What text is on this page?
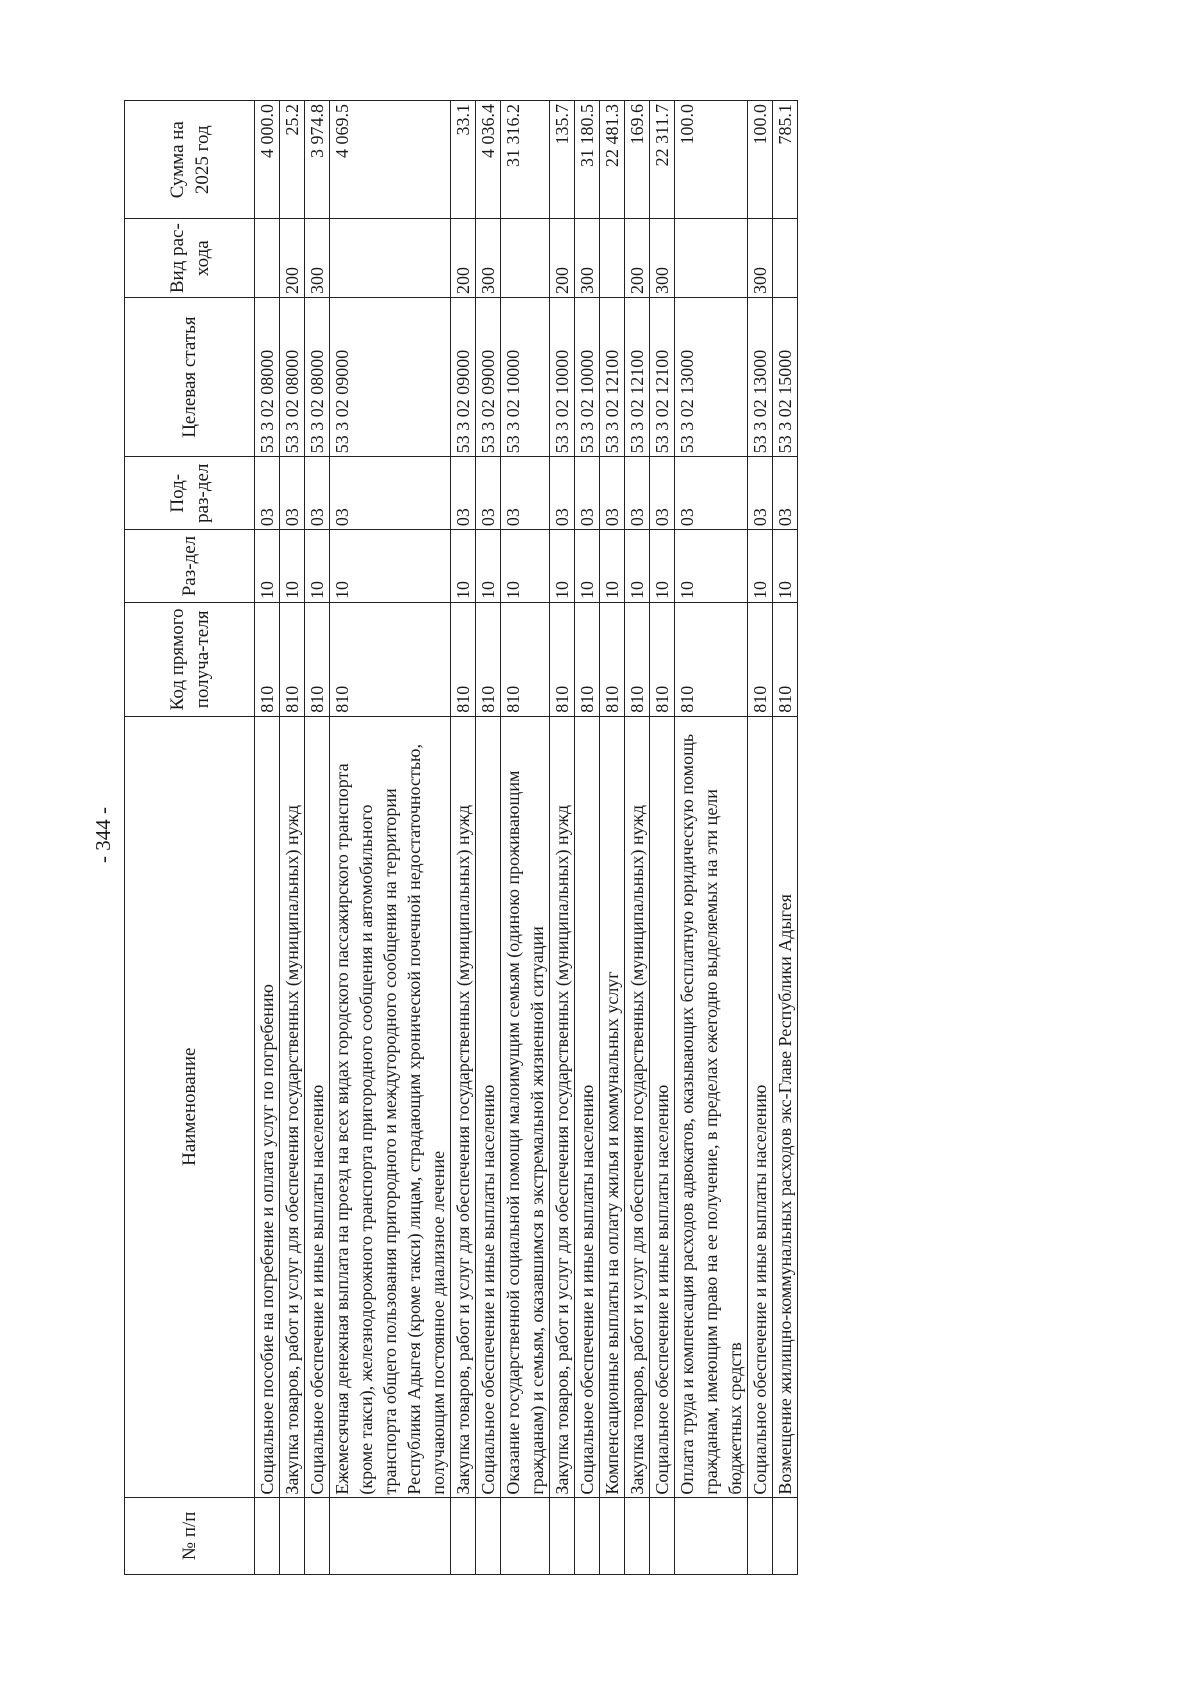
- 344 -
№ п/п	Наименование	Код прямого получа-теля	Раз-дел	Под-раз-дел	Целевая статья	Вид рас-хода	Сумма на 2025 год
	Социальное пособие на погребение и оплата услуг по погребению	810	10	03	53 3 02 08000		4 000.0
	Закупка товаров, работ и услуг для обеспечения государственных (муниципальных) нужд	810	10	03	53 3 02 08000	200	25.2
	Социальное обеспечение и иные выплаты населению	810	10	03	53 3 02 08000	300	3 974.8
	Ежемесячная денежная выплата на проезд на всех видах городского пассажирского транспорта (кроме такси), железнодорожного транспорта пригородного сообщения и автомобильного транспорта общего пользования пригородного и междугородного сообщения на территории Республики Адыгея (кроме такси) лицам, страдающим хронической почечной недостаточностью, получающим постоянное диализное лечение	810	10	03	53 3 02 09000		4 069.5
	Закупка товаров, работ и услуг для обеспечения государственных (муниципальных) нужд	810	10	03	53 3 02 09000	200	33.1
	Социальное обеспечение и иные выплаты населению	810	10	03	53 3 02 09000	300	4 036.4
	Оказание государственной социальной помощи малоимущим семьям (одиноко проживающим гражданам) и семьям, оказавшимся в экстремальной жизненной ситуации	810	10	03	53 3 02 10000		31 316.2
	Закупка товаров, работ и услуг для обеспечения государственных (муниципальных) нужд	810	10	03	53 3 02 10000	200	135.7
	Социальное обеспечение и иные выплаты населению	810	10	03	53 3 02 10000	300	31 180.5
	Компенсационные выплаты на оплату жилья и коммунальных услуг	810	10	03	53 3 02 12100		22 481.3
	Закупка товаров, работ и услуг для обеспечения государственных (муниципальных) нужд	810	10	03	53 3 02 12100	200	169.6
	Социальное обеспечение и иные выплаты населению	810	10	03	53 3 02 12100	300	22 311.7
	Оплата труда и компенсация расходов адвокатов, оказывающих бесплатную юридическую помощь гражданам, имеющим право на ее получение, в пределах ежегодно выделяемых на эти цели бюджетных средств	810	10	03	53 3 02 13000		100.0
	Социальное обеспечение и иные выплаты населению	810	10	03	53 3 02 13000	300	100.0
	Возмещение жилищно-коммунальных расходов экс-Главе Республики Адыгея	810	10	03	53 3 02 15000		785.1
